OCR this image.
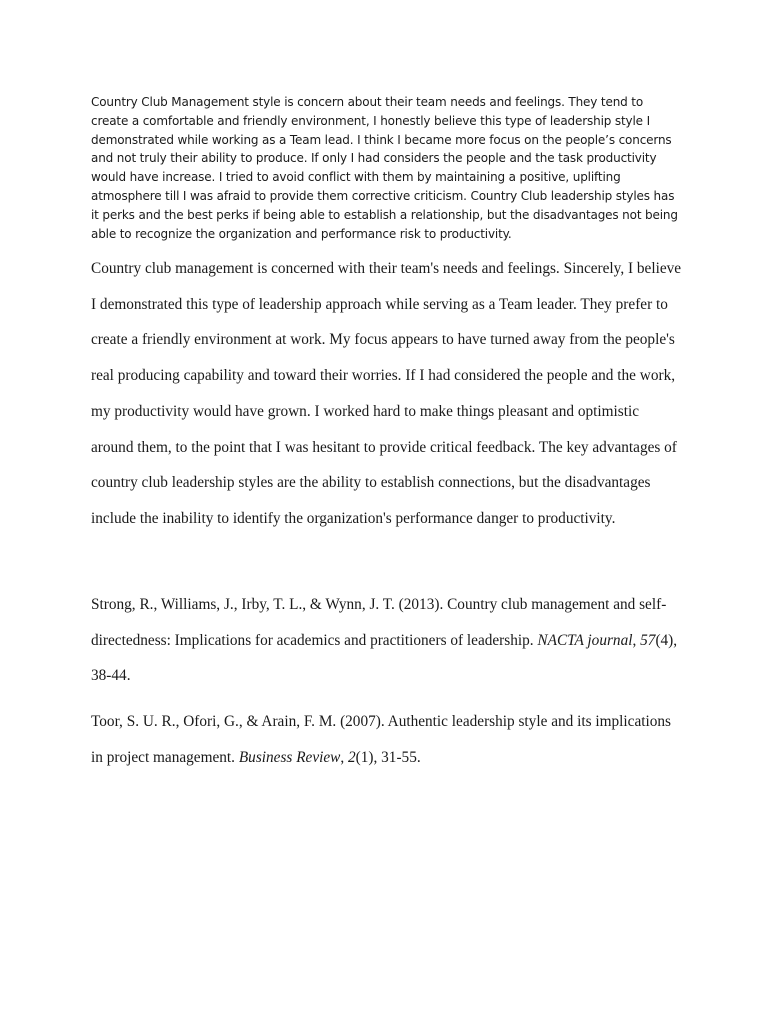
Country Club Management style is concern about their team needs and feelings. They tend to create a comfortable and friendly environment, I honestly believe this type of leadership style I demonstrated while working as a Team lead. I think I became more focus on the people’s concerns and not truly their ability to produce. If only I had considers the people and the task productivity would have increase. I tried to avoid conflict with them by maintaining a positive, uplifting atmosphere till I was afraid to provide them corrective criticism. Country Club leadership styles has it perks and the best perks if being able to establish a relationship, but the disadvantages not being able to recognize the organization and performance risk to productivity.

Country club management is concerned with their team's needs and feelings. Sincerely, I believe I demonstrated this type of leadership approach while serving as a Team leader. They prefer to create a friendly environment at work. My focus appears to have turned away from the people's real producing capability and toward their worries. If I had considered the people and the work, my productivity would have grown. I worked hard to make things pleasant and optimistic around them, to the point that I was hesitant to provide critical feedback. The key advantages of country club leadership styles are the ability to establish connections, but the disadvantages include the inability to identify the organization's performance danger to productivity.

Strong, R., Williams, J., Irby, T. L., & Wynn, J. T. (2013). Country club management and self-directedness: Implications for academics and practitioners of leadership. NACTA journal, 57(4), 38-44.

Toor, S. U. R., Ofori, G., & Arain, F. M. (2007). Authentic leadership style and its implications in project management. Business Review, 2(1), 31-55.
